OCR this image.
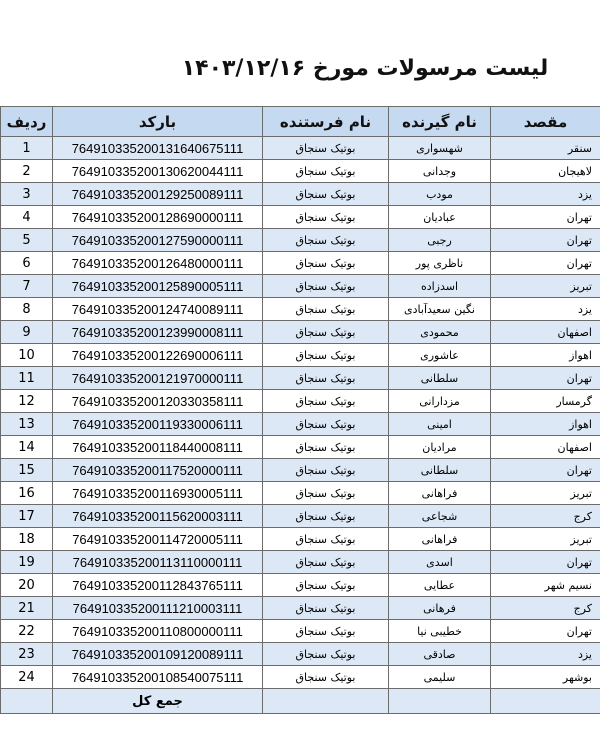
لیست مرسولات مورخ ۱۴۰۳/۱۲/۱۶
ردیف	بارکد	نام فرستنده	نام گیرنده	مقصد
1	764910335200131640675111	بوتیک سنجاق	شهسواری	سنقر
2	764910335200130620044111	بوتیک سنجاق	وجدانی	لاهیجان
3	764910335200129250089111	بوتیک سنجاق	مودب	یزد
4	764910335200128690000111	بوتیک سنجاق	عبادیان	تهران
5	764910335200127590000111	بوتیک سنجاق	رجبی	تهران
6	764910335200126480000111	بوتیک سنجاق	ناظری پور	تهران
7	764910335200125890005111	بوتیک سنجاق	اسدزاده	تبریز
8	764910335200124740089111	بوتیک سنجاق	نگین سعیدآبادی	یزد
9	764910335200123990008111	بوتیک سنجاق	محمودی	اصفهان
10	764910335200122690006111	بوتیک سنجاق	عاشوری	اهواز
11	764910335200121970000111	بوتیک سنجاق	سلطانی	تهران
12	764910335200120330358111	بوتیک سنجاق	مزدارانی	گرمسار
13	764910335200119330006111	بوتیک سنجاق	امینی	اهواز
14	764910335200118440008111	بوتیک سنجاق	مرادیان	اصفهان
15	764910335200117520000111	بوتیک سنجاق	سلطانی	تهران
16	764910335200116930005111	بوتیک سنجاق	فراهانی	تبریز
17	764910335200115620003111	بوتیک سنجاق	شجاعی	کرج
18	764910335200114720005111	بوتیک سنجاق	فراهانی	تبریز
19	764910335200113110000111	بوتیک سنجاق	اسدی	تهران
20	764910335200112843765111	بوتیک سنجاق	عطایی	نسیم شهر
21	764910335200111210003111	بوتیک سنجاق	فرهانی	کرج
22	764910335200110800000111	بوتیک سنجاق	خطیبی نیا	تهران
23	764910335200109120089111	بوتیک سنجاق	صادقی	یزد
24	764910335200108540075111	بوتیک سنجاق	سلیمی	بوشهر
	جمع کل			
